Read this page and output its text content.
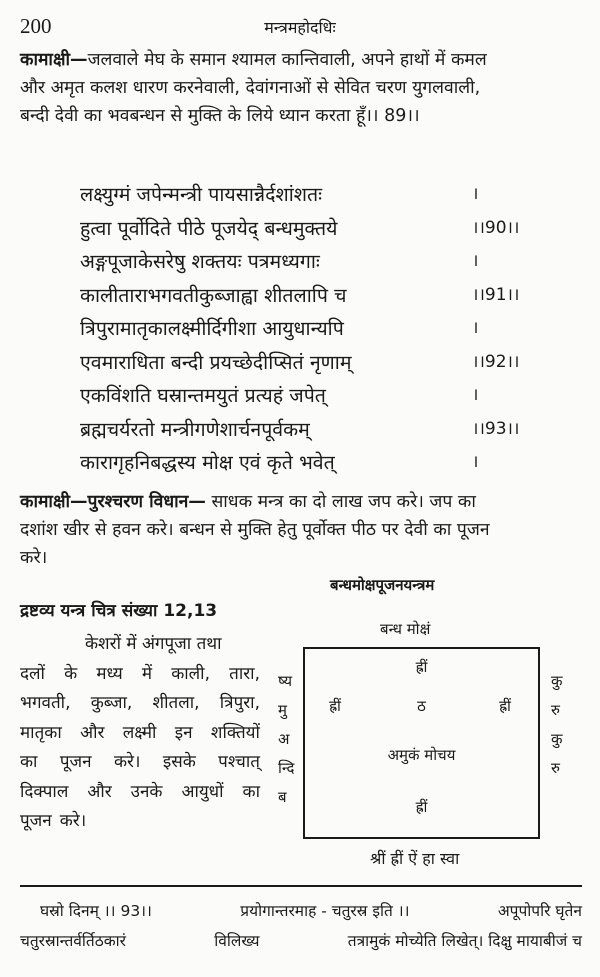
200	मन्त्रमहोदधिः
कामाक्षी—जलवाले मेघ के समान श्यामल कान्तिवाली, अपने हाथों में कमल
और अमृत कलश धारण करनेवाली, देवांगनाओं से सेवित चरण युगलवाली,
बन्दी देवी का भवबन्धन से मुक्ति के लिये ध्यान करता हूँ।। 89।।
लक्ष्युग्मं जपेन्मन्त्री पायसान्नैर्दशांशतः	।
हुत्वा पूर्वोदिते पीठे पूजयेद् बन्धमुक्तये	।।90।।
अङ्गपूजाकेसरेषु शक्तयः पत्रमध्यगाः	।
कालीताराभगवतीकुब्जाह्वा शीतलापि च	।।91।।
त्रिपुरामातृकालक्ष्मीर्दिगीशा आयुधान्यपि	।
एवमाराधिता बन्दी प्रयच्छेदीप्सितं नृणाम्	।।92।।
एकविंशति घस्रान्तमयुतं प्रत्यहं जपेत्	।
ब्रह्मचर्यरतो मन्त्रीगणेशार्चनपूर्वकम्	।।93।।
कारागृहनिबद्धस्य मोक्ष एवं कृते भवेत्	।
कामाक्षी—पुरश्चरण विधान— साधक मन्त्र का दो लाख जप करे। जप का
दशांश खीर से हवन करे। बन्धन से मुक्ति हेतु पूर्वोक्त पीठ पर देवी का पूजन
करे।
द्रष्टव्य यन्त्र चित्र संख्या 12,13
केशरों में अंगपूजा तथा
दलों के मध्य में काली, तारा,
भगवती, कुब्जा, शीतला, त्रिपुरा,
मातृका और लक्ष्मी इन शक्तियों
का पूजन करे। इसके पश्चात्
दिक्पाल और उनके आयुधों का
पूजन करे।
बन्धमोक्षपूजनयन्त्रम
बन्ध मोक्षं
ह्रीं
ह्रीं	ठ	ह्रीं
अमुकं मोचय
ह्रीं
ष्य
मु
अ
न्दि
ब
कु
रु
कु
रु
श्रीं ह्रीं ऐं हा स्वा
घस्रो दिनम् ।। 93।।	प्रयोगान्तरमाह - चतुरस्र इति ।।	अपूपोपरि घृतेन
चतुरस्रान्तर्वर्तिठकारं	विलिख्य	तत्रामुकं मोच्येति लिखेत्। दिक्षु मायाबीजं च
